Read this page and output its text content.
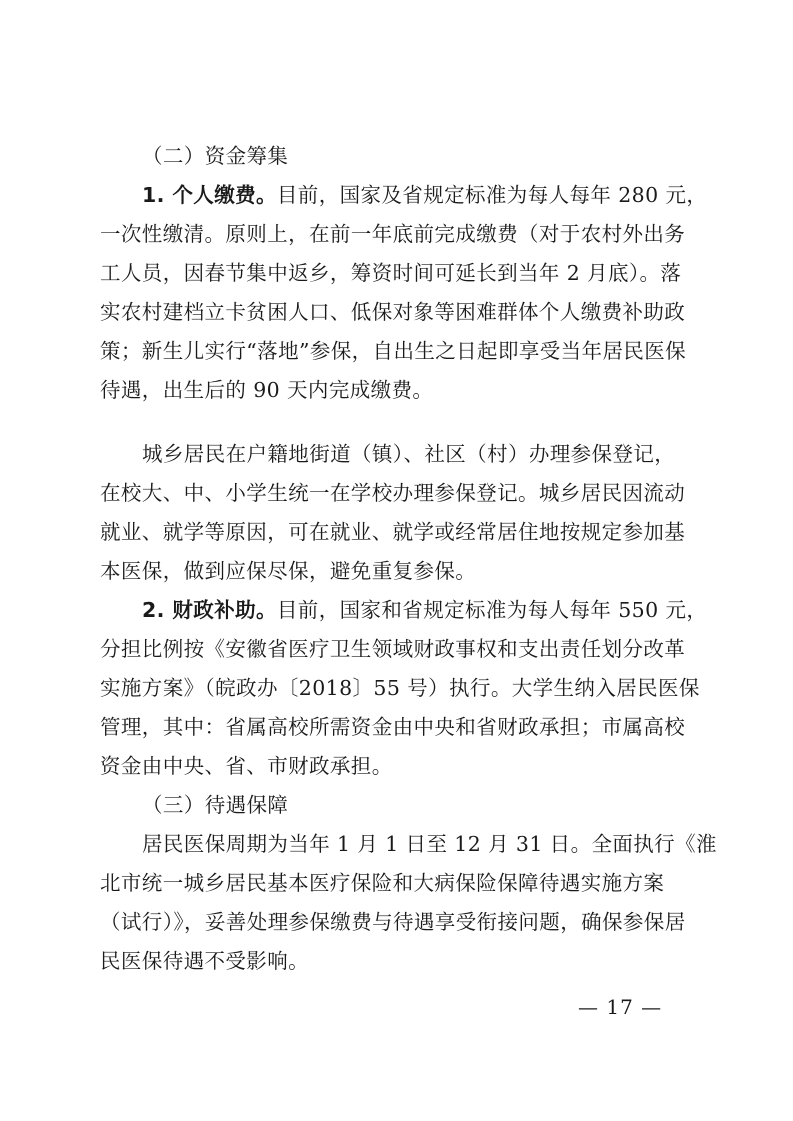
（二）资金筹集
1. 个人缴费。目前，国家及省规定标准为每人每年 280 元，
一次性缴清。原则上，在前一年底前完成缴费（对于农村外出务
工人员，因春节集中返乡，筹资时间可延长到当年 2 月底）。落
实农村建档立卡贫困人口、低保对象等困难群体个人缴费补助政
策；新生儿实行“落地”参保，自出生之日起即享受当年居民医保
待遇，出生后的 90 天内完成缴费。
城乡居民在户籍地街道（镇）、社区（村）办理参保登记，
在校大、中、小学生统一在学校办理参保登记。城乡居民因流动
就业、就学等原因，可在就业、就学或经常居住地按规定参加基
本医保，做到应保尽保，避免重复参保。
2. 财政补助。目前，国家和省规定标准为每人每年 550 元，
分担比例按《安徽省医疗卫生领域财政事权和支出责任划分改革
实施方案》（皖政办〔2018〕55 号）执行。大学生纳入居民医保
管理，其中：省属高校所需资金由中央和省财政承担；市属高校
资金由中央、省、市财政承担。
（三）待遇保障
居民医保周期为当年 1 月 1 日至 12 月 31 日。全面执行《淮
北市统一城乡居民基本医疗保险和大病保险保障待遇实施方案
（试行）》，妥善处理参保缴费与待遇享受衔接问题，确保参保居
民医保待遇不受影响。
— 17 —
